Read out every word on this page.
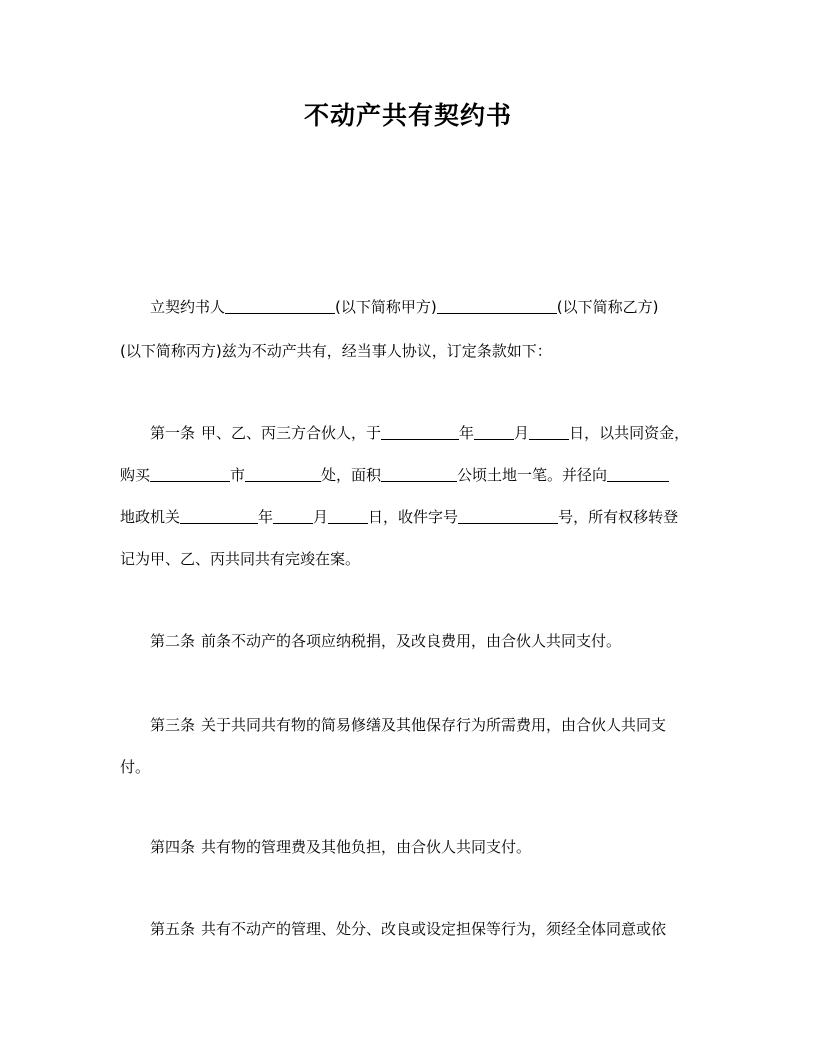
不动产共有契约书
立契约书人	(以下简称甲方)	(以下简称乙方)
(以下简称丙方)兹为不动产共有，经当事人协议，订定条款如下：
第一条 甲、乙、丙三方合伙人，于	年	月	日，以共同资金，
购买	市	处，面积	公顷土地一笔。并径向
地政机关	年	月	日，收件字号	号，所有权移转登
记为甲、乙、丙共同共有完竣在案。
第二条 前条不动产的各项应纳税捐，及改良费用，由合伙人共同支付。
第三条 关于共同共有物的简易修缮及其他保存行为所需费用，由合伙人共同支
付。
第四条 共有物的管理费及其他负担，由合伙人共同支付。
第五条 共有不动产的管理、处分、改良或设定担保等行为，须经全体同意或依
